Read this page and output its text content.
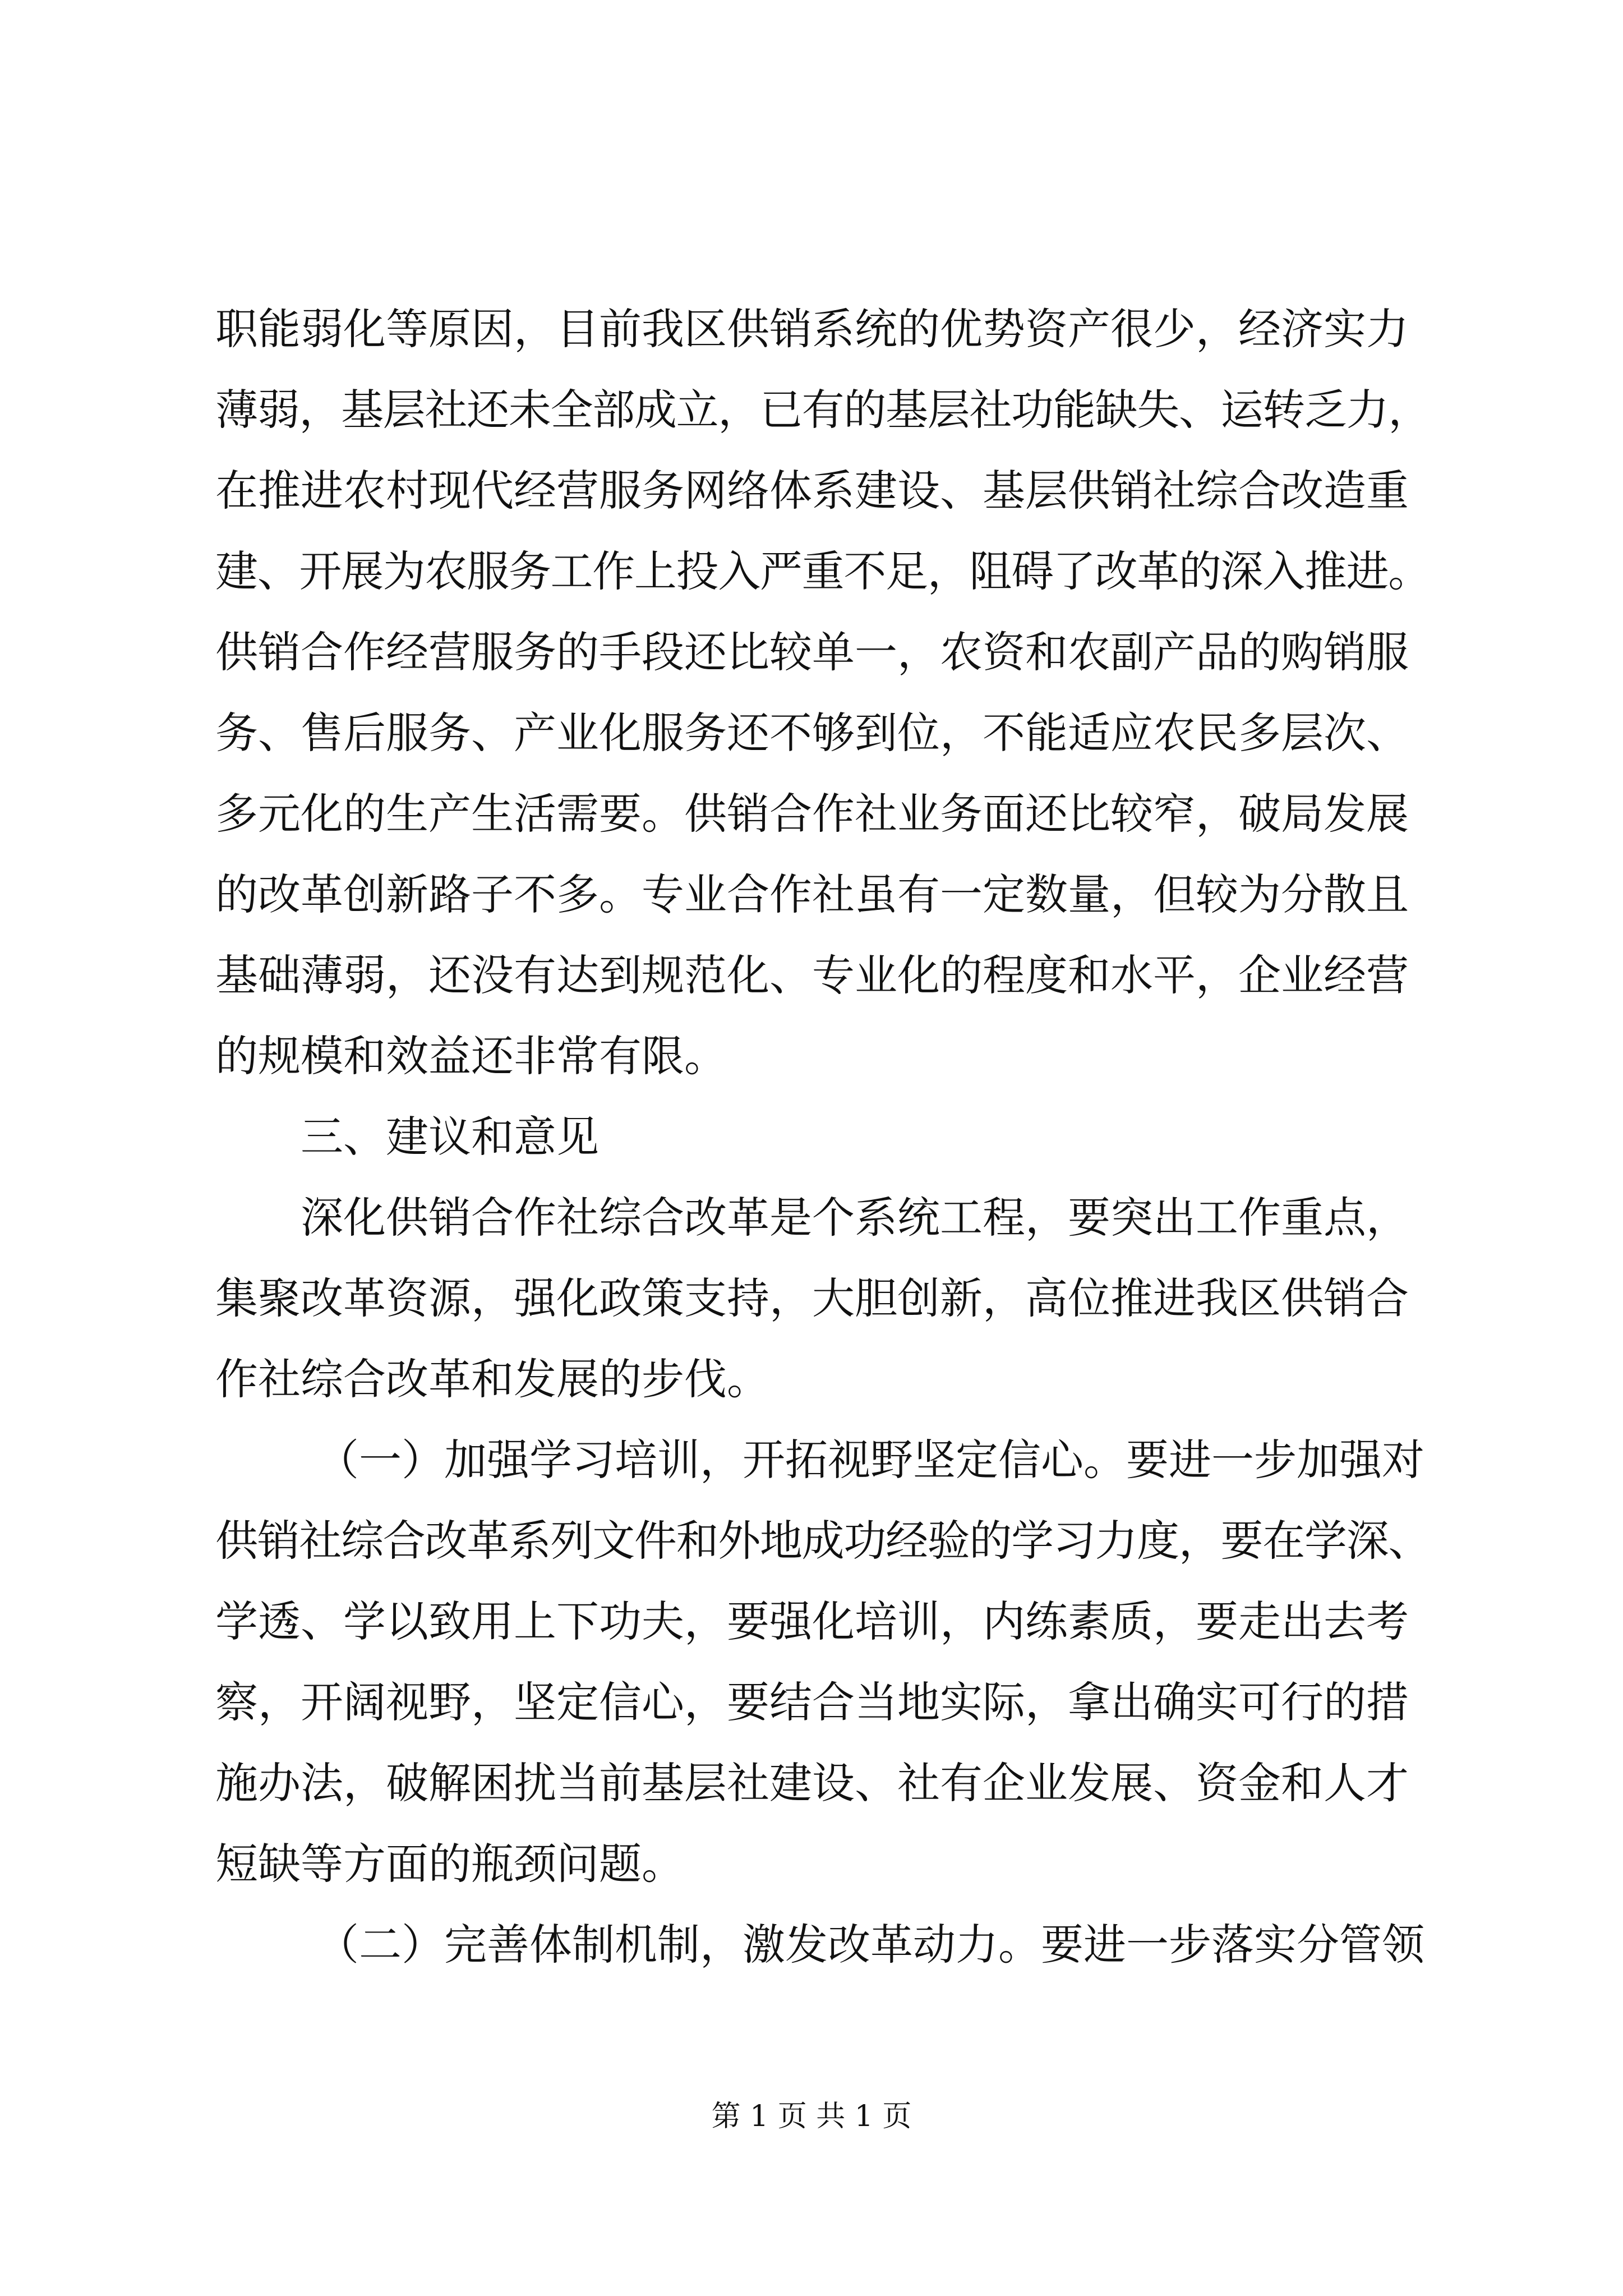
职能弱化等原因，目前我区供销系统的优势资产很少，经济实力
薄弱，基层社还未全部成立，已有的基层社功能缺失、运转乏力，
在推进农村现代经营服务网络体系建设、基层供销社综合改造重
建、开展为农服务工作上投入严重不足，阻碍了改革的深入推进。
供销合作经营服务的手段还比较单一，农资和农副产品的购销服
务、售后服务、产业化服务还不够到位，不能适应农民多层次、
多元化的生产生活需要。供销合作社业务面还比较窄，破局发展
的改革创新路子不多。专业合作社虽有一定数量，但较为分散且
基础薄弱，还没有达到规范化、专业化的程度和水平，企业经营
的规模和效益还非常有限。
三、建议和意见
深化供销合作社综合改革是个系统工程，要突出工作重点，
集聚改革资源，强化政策支持，大胆创新，高位推进我区供销合
作社综合改革和发展的步伐。
（一）加强学习培训，开拓视野坚定信心。要进一步加强对
供销社综合改革系列文件和外地成功经验的学习力度，要在学深、
学透、学以致用上下功夫，要强化培训，内练素质，要走出去考
察，开阔视野，坚定信心，要结合当地实际，拿出确实可行的措
施办法，破解困扰当前基层社建设、社有企业发展、资金和人才
短缺等方面的瓶颈问题。
（二）完善体制机制，激发改革动力。要进一步落实分管领
第 1 页 共 1 页
